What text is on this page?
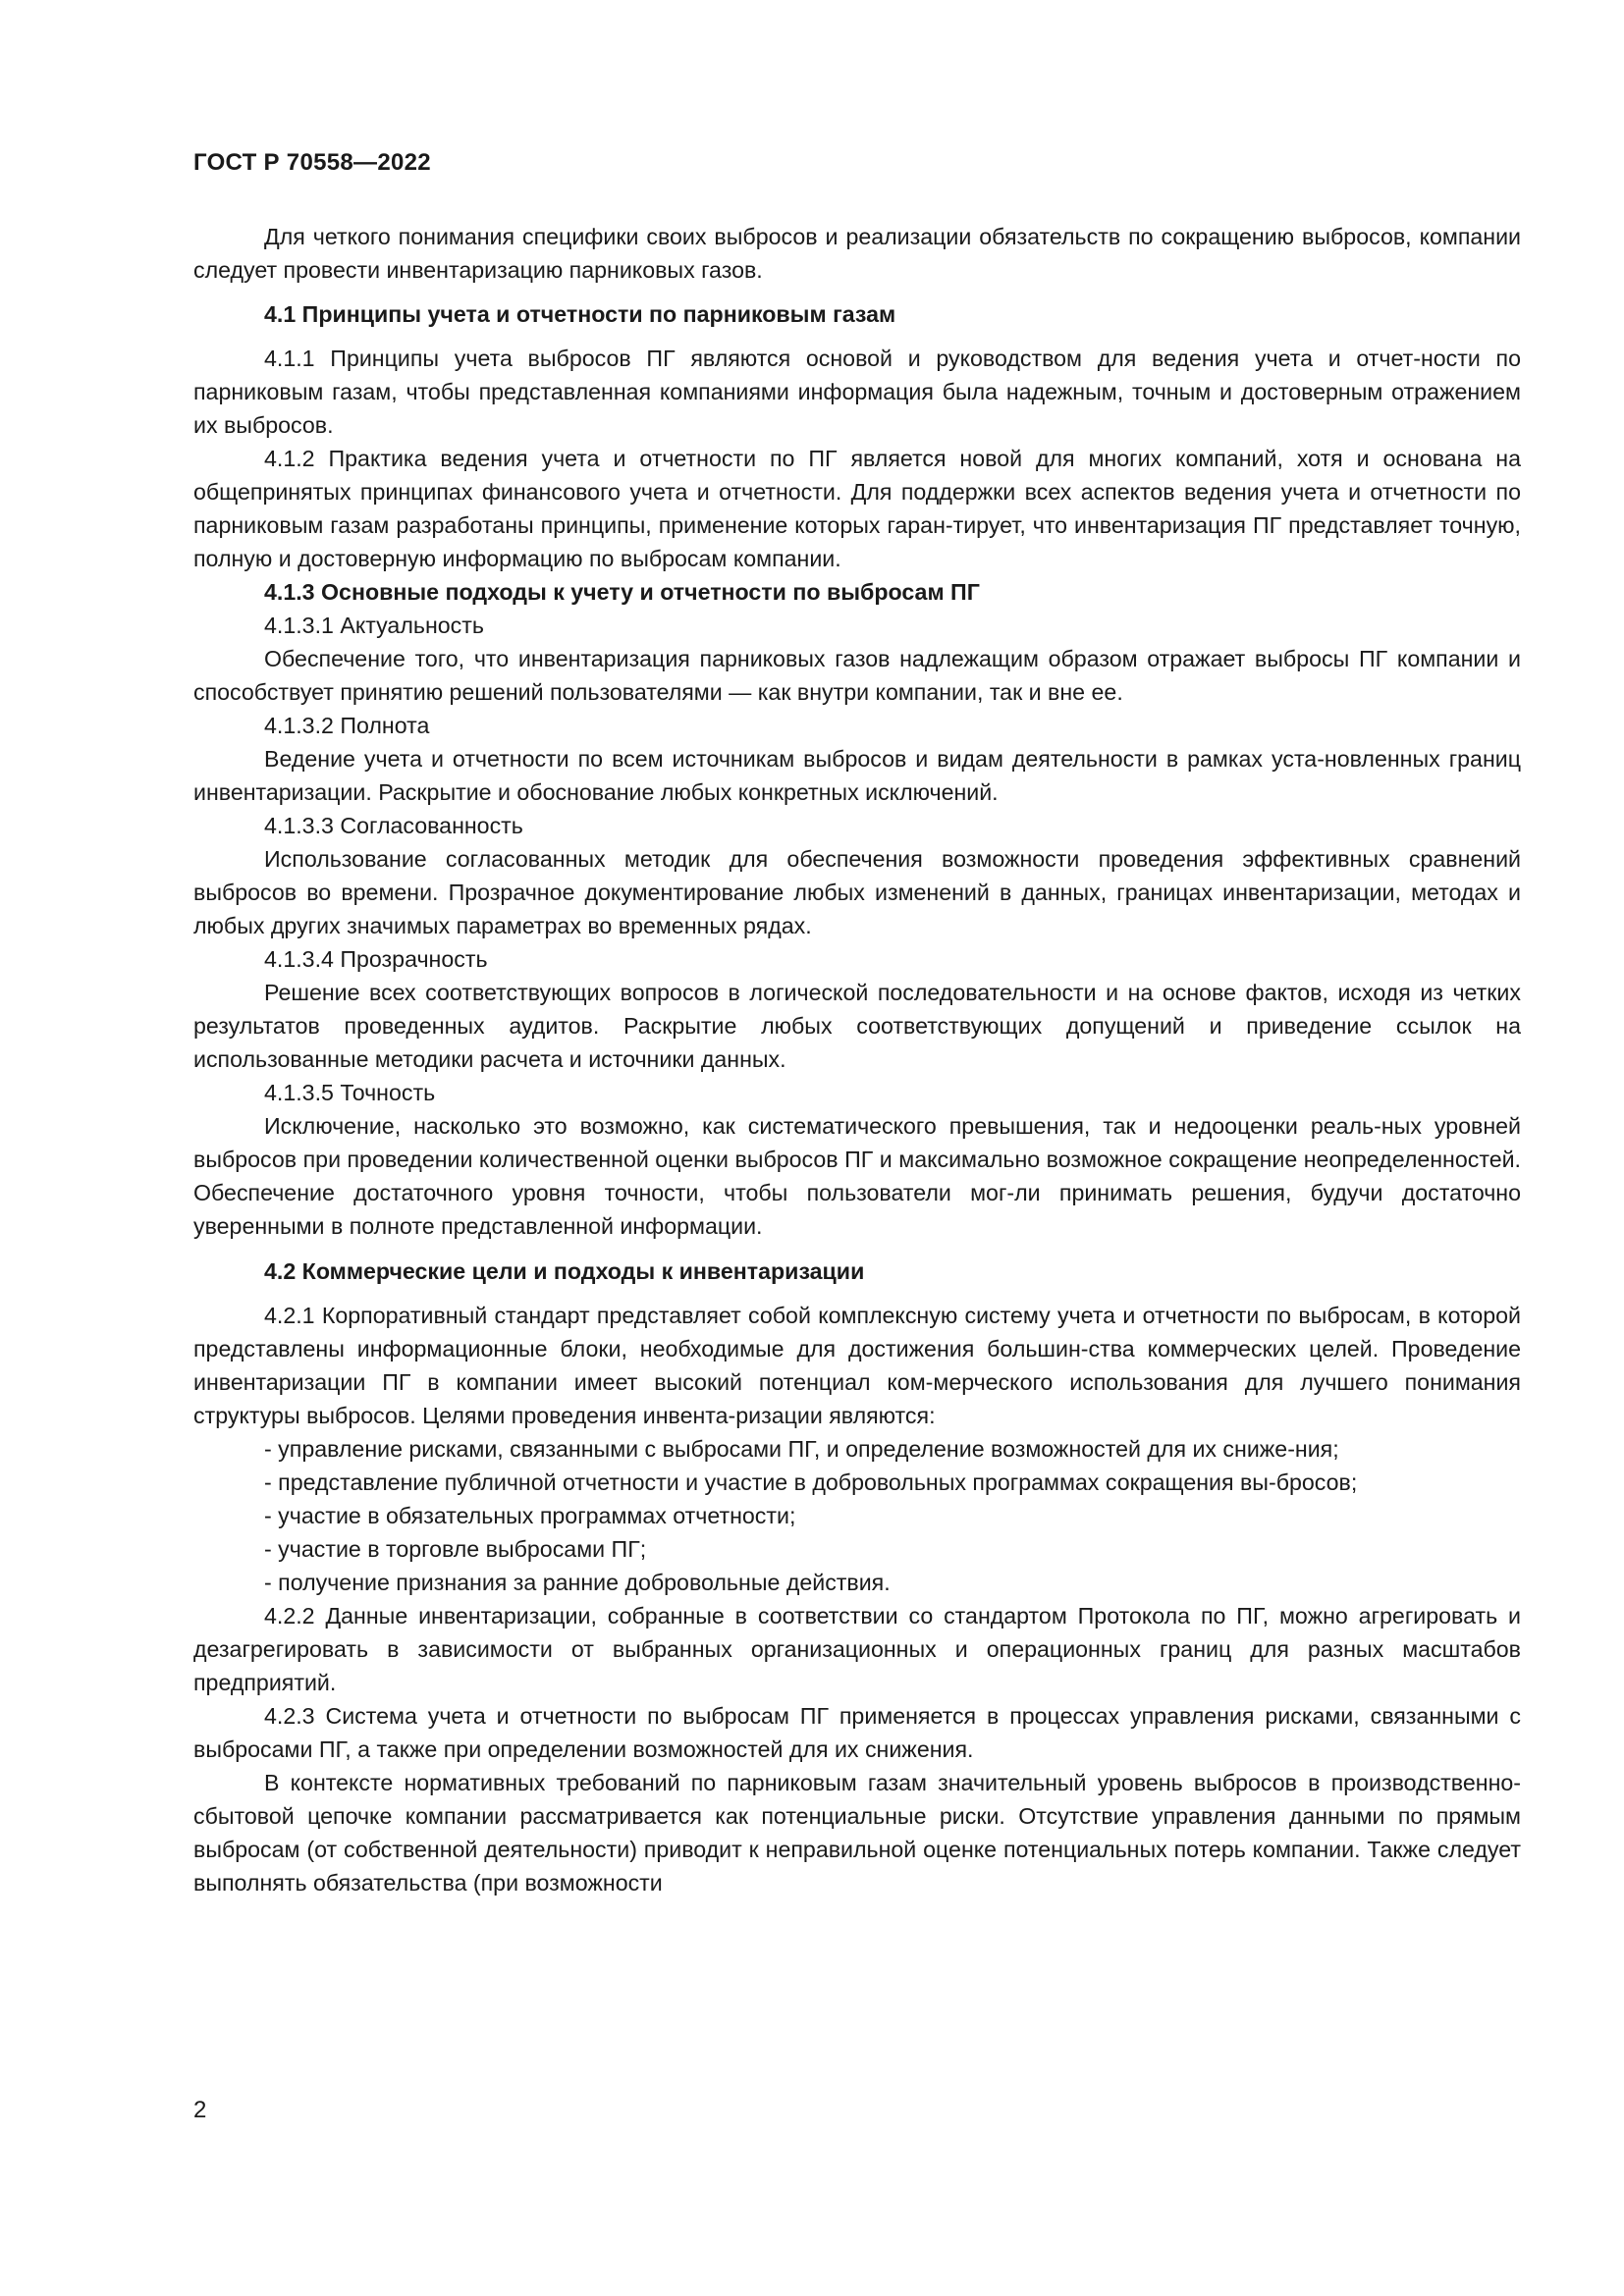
ГОСТ Р 70558—2022

Для четкого понимания специфики своих выбросов и реализации обязательств по сокращению выбросов, компании следует провести инвентаризацию парниковых газов.

4.1 Принципы учета и отчетности по парниковым газам

4.1.1 Принципы учета выбросов ПГ являются основой и руководством для ведения учета и отчет-ности по парниковым газам, чтобы представленная компаниями информация была надежным, точным и достоверным отражением их выбросов.

4.1.2 Практика ведения учета и отчетности по ПГ является новой для многих компаний, хотя и основана на общепринятых принципах финансового учета и отчетности. Для поддержки всех аспектов ведения учета и отчетности по парниковым газам разработаны принципы, применение которых гаран-тирует, что инвентаризация ПГ представляет точную, полную и достоверную информацию по выбросам компании.

4.1.3 Основные подходы к учету и отчетности по выбросам ПГ

4.1.3.1 Актуальность

Обеспечение того, что инвентаризация парниковых газов надлежащим образом отражает выбросы ПГ компании и способствует принятию решений пользователями — как внутри компании, так и вне ее.

4.1.3.2 Полнота

Ведение учета и отчетности по всем источникам выбросов и видам деятельности в рамках уста-новленных границ инвентаризации. Раскрытие и обоснование любых конкретных исключений.

4.1.3.3 Согласованность

Использование согласованных методик для обеспечения возможности проведения эффективных сравнений выбросов во времени. Прозрачное документирование любых изменений в данных, границах инвентаризации, методах и любых других значимых параметрах во временных рядах.

4.1.3.4 Прозрачность

Решение всех соответствующих вопросов в логической последовательности и на основе фактов, исходя из четких результатов проведенных аудитов. Раскрытие любых соответствующих допущений и приведение ссылок на использованные методики расчета и источники данных.

4.1.3.5 Точность

Исключение, насколько это возможно, как систематического превышения, так и недооценки реаль-ных уровней выбросов при проведении количественной оценки выбросов ПГ и максимально возможное сокращение неопределенностей. Обеспечение достаточного уровня точности, чтобы пользователи мог-ли принимать решения, будучи достаточно уверенными в полноте представленной информации.

4.2 Коммерческие цели и подходы к инвентаризации

4.2.1 Корпоративный стандарт представляет собой комплексную систему учета и отчетности по выбросам, в которой представлены информационные блоки, необходимые для достижения большин-ства коммерческих целей. Проведение инвентаризации ПГ в компании имеет высокий потенциал ком-мерческого использования для лучшего понимания структуры выбросов. Целями проведения инвента-ризации являются:

- управление рисками, связанными с выбросами ПГ, и определение возможностей для их сниже-ния;

- представление публичной отчетности и участие в добровольных программах сокращения вы-бросов;

- участие в обязательных программах отчетности;

- участие в торговле выбросами ПГ;

- получение признания за ранние добровольные действия.

4.2.2 Данные инвентаризации, собранные в соответствии со стандартом Протокола по ПГ, можно агрегировать и дезагрегировать в зависимости от выбранных организационных и операционных границ для разных масштабов предприятий.

4.2.3 Система учета и отчетности по выбросам ПГ применяется в процессах управления рисками, связанными с выбросами ПГ, а также при определении возможностей для их снижения.

В контексте нормативных требований по парниковым газам значительный уровень выбросов в производственно-сбытовой цепочке компании рассматривается как потенциальные риски. Отсутствие управления данными по прямым выбросам (от собственной деятельности) приводит к неправильной оценке потенциальных потерь компании. Также следует выполнять обязательства (при возможности

2
